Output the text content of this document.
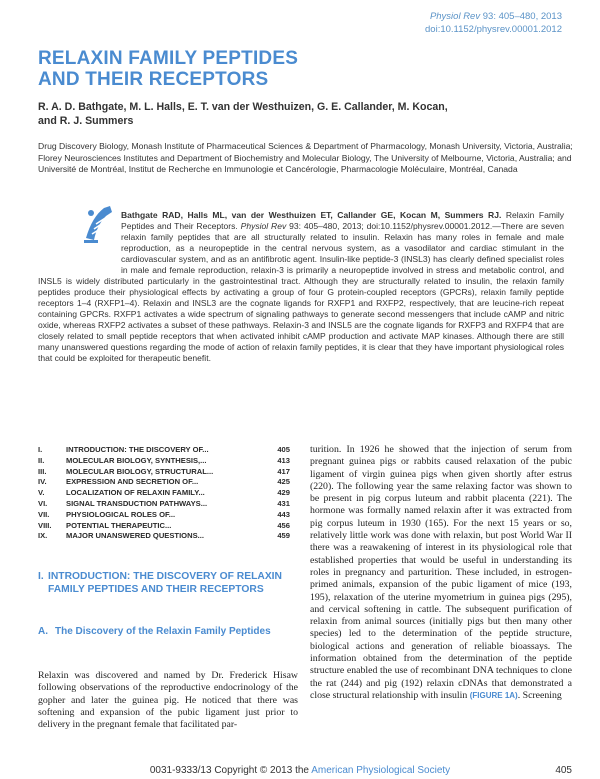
Physiol Rev 93: 405–480, 2013
doi:10.1152/physrev.00001.2012
RELAXIN FAMILY PEPTIDES
AND THEIR RECEPTORS
R. A. D. Bathgate, M. L. Halls, E. T. van der Westhuizen, G. E. Callander, M. Kocan,
and R. J. Summers
Drug Discovery Biology, Monash Institute of Pharmaceutical Sciences & Department of Pharmacology, Monash University, Victoria, Australia; Florey Neurosciences Institutes and Department of Biochemistry and Molecular Biology, The University of Melbourne, Victoria, Australia; and Université de Montréal, Institut de Recherche en Immunologie et Cancérologie, Pharmacologie Moléculaire, Montréal, Canada
Bathgate RAD, Halls ML, van der Westhuizen ET, Callander GE, Kocan M, Summers RJ. Relaxin Family Peptides and Their Receptors. Physiol Rev 93: 405–480, 2013; doi:10.1152/physrev.00001.2012.—There are seven relaxin family peptides that are all structurally related to insulin. Relaxin has many roles in female and male reproduction, as a neuropeptide in the central nervous system, as a vasodilator and cardiac stimulant in the cardiovascular system, and as an antifibrotic agent. Insulin-like peptide-3 (INSL3) has clearly defined specialist roles in male and female reproduction, relaxin-3 is primarily a neuropeptide involved in stress and metabolic control, and INSL5 is widely distributed particularly in the gastrointestinal tract. Although they are structurally related to insulin, the relaxin family peptides produce their physiological effects by activating a group of four G protein-coupled receptors (GPCRs), relaxin family peptide receptors 1–4 (RXFP1–4). Relaxin and INSL3 are the cognate ligands for RXFP1 and RXFP2, respectively, that are leucine-rich repeat containing GPCRs. RXFP1 activates a wide spectrum of signaling pathways to generate second messengers that include cAMP and nitric oxide, whereas RXFP2 activates a subset of these pathways. Relaxin-3 and INSL5 are the cognate ligands for RXFP3 and RXFP4 that are closely related to small peptide receptors that when activated inhibit cAMP production and activate MAP kinases. Although there are still many unanswered questions regarding the mode of action of relaxin family peptides, it is clear that they have important physiological roles that could be exploited for therapeutic benefit.
I.	INTRODUCTION: THE DISCOVERY OF...	405
II.	MOLECULAR BIOLOGY, SYNTHESIS,...	413
III.	MOLECULAR BIOLOGY, STRUCTURAL...	417
IV.	EXPRESSION AND SECRETION OF...	425
V.	LOCALIZATION OF RELAXIN FAMILY...	429
VI. SIGNAL TRANSDUCTION PATHWAYS...	431
VII. PHYSIOLOGICAL ROLES OF...	443
VIII. POTENTIAL THERAPEUTIC...	456
IX. MAJOR UNANSWERED QUESTIONS...	459
I. INTRODUCTION: THE DISCOVERY OF RELAXIN FAMILY PEPTIDES AND THEIR RECEPTORS
A. The Discovery of the Relaxin Family Peptides
Relaxin was discovered and named by Dr. Frederick Hisaw following observations of the reproductive endocrinology of the gopher and later the guinea pig. He noticed that there was softening and expansion of the pubic ligament just prior to delivery in the pregnant female that facilitated par-
turition. In 1926 he showed that the injection of serum from pregnant guinea pigs or rabbits caused relaxation of the pubic ligament of virgin guinea pigs when given shortly after estrus (220). The following year the same relaxing factor was shown to be present in pig corpus luteum and rabbit placenta (221). The hormone was formally named relaxin after it was extracted from pig corpus luteum in 1930 (165). For the next 15 years or so, relatively little work was done with relaxin, but post World War II there was a reawakening of interest in its physiological role that established properties that would be useful in understanding its roles in pregnancy and parturition. These included, in estrogen-primed animals, expansion of the pubic ligament of mice (193, 195), relaxation of the uterine myometrium in guinea pigs (295), and cervical softening in cattle. The subsequent purification of relaxin from animal sources (initially pigs but then many other species) led to the determination of the peptide structure, biological actions and generation of reliable bioassays. The information obtained from the determination of the peptide structure enabled the use of recombinant DNA techniques to clone the rat (244) and pig (192) relaxin cDNAs that demonstrated a close structural relationship with insulin (FIGURE 1A). Screening
0031-9333/13 Copyright © 2013 the American Physiological Society	405
